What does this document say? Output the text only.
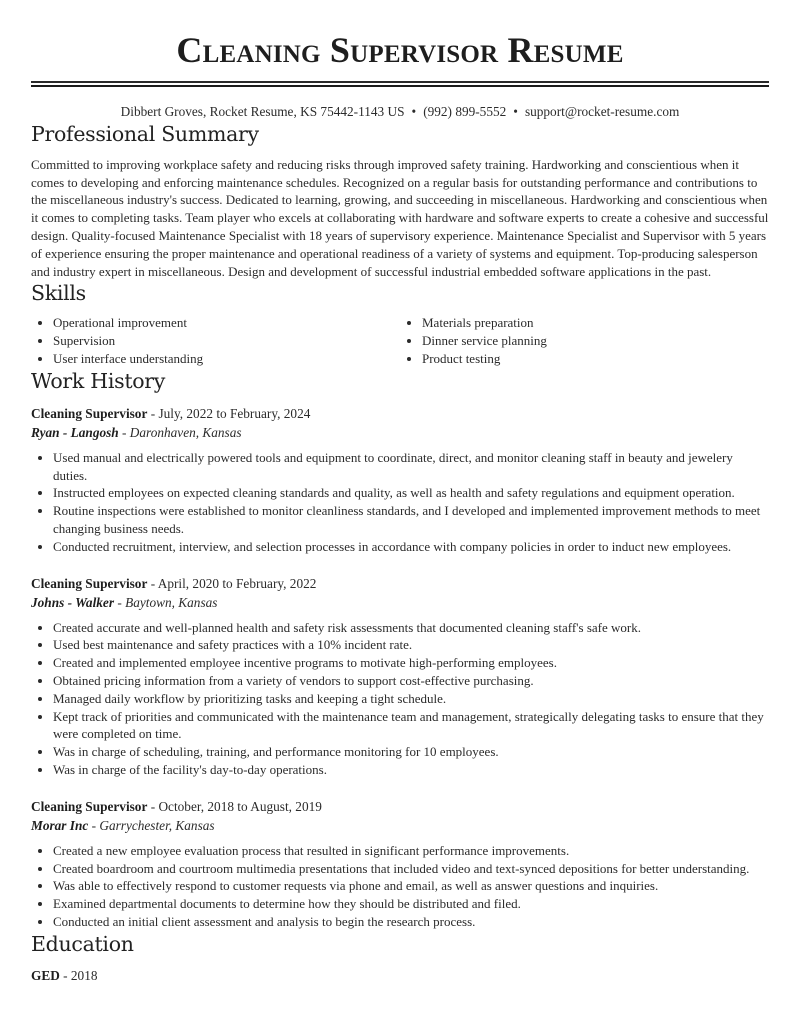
Cleaning Supervisor Resume
Dibbert Groves, Rocket Resume, KS 75442-1143 US • (992) 899-5552 • support@rocket-resume.com
Professional Summary

Committed to improving workplace safety and reducing risks through improved safety training. Hardworking and conscientious when it comes to developing and enforcing maintenance schedules. Recognized on a regular basis for outstanding performance and contributions to the miscellaneous industry's success. Dedicated to learning, growing, and succeeding in miscellaneous. Hardworking and conscientious when it comes to completing tasks. Team player who excels at collaborating with hardware and software experts to create a cohesive and successful design. Quality-focused Maintenance Specialist with 18 years of supervisory experience. Maintenance Specialist and Supervisor with 5 years of experience ensuring the proper maintenance and operational readiness of a variety of systems and equipment. Top-producing salesperson and industry expert in miscellaneous. Design and development of successful industrial embedded software applications in the past.

Skills
• Operational improvement
• Supervision
• User interface understanding
• Materials preparation
• Dinner service planning
• Product testing
Work History
Cleaning Supervisor - July, 2022 to February, 2024
Ryan - Langosh - Daronhaven, Kansas
• Used manual and electrically powered tools and equipment to coordinate, direct, and monitor cleaning staff in beauty and jewelery duties.
• Instructed employees on expected cleaning standards and quality, as well as health and safety regulations and equipment operation.
• Routine inspections were established to monitor cleanliness standards, and I developed and implemented improvement methods to meet changing business needs.
• Conducted recruitment, interview, and selection processes in accordance with company policies in order to induct new employees.
Cleaning Supervisor - April, 2020 to February, 2022
Johns - Walker - Baytown, Kansas
• Created accurate and well-planned health and safety risk assessments that documented cleaning staff's safe work.
• Used best maintenance and safety practices with a 10% incident rate.
• Created and implemented employee incentive programs to motivate high-performing employees.
• Obtained pricing information from a variety of vendors to support cost-effective purchasing.
• Managed daily workflow by prioritizing tasks and keeping a tight schedule.
• Kept track of priorities and communicated with the maintenance team and management, strategically delegating tasks to ensure that they were completed on time.
• Was in charge of scheduling, training, and performance monitoring for 10 employees.
• Was in charge of the facility's day-to-day operations.
Cleaning Supervisor - October, 2018 to August, 2019
Morar Inc - Garrychester, Kansas
• Created a new employee evaluation process that resulted in significant performance improvements.
• Created boardroom and courtroom multimedia presentations that included video and text-synced depositions for better understanding.
• Was able to effectively respond to customer requests via phone and email, as well as answer questions and inquiries.
• Examined departmental documents to determine how they should be distributed and filed.
• Conducted an initial client assessment and analysis to begin the research process.
Education
GED - 2018
